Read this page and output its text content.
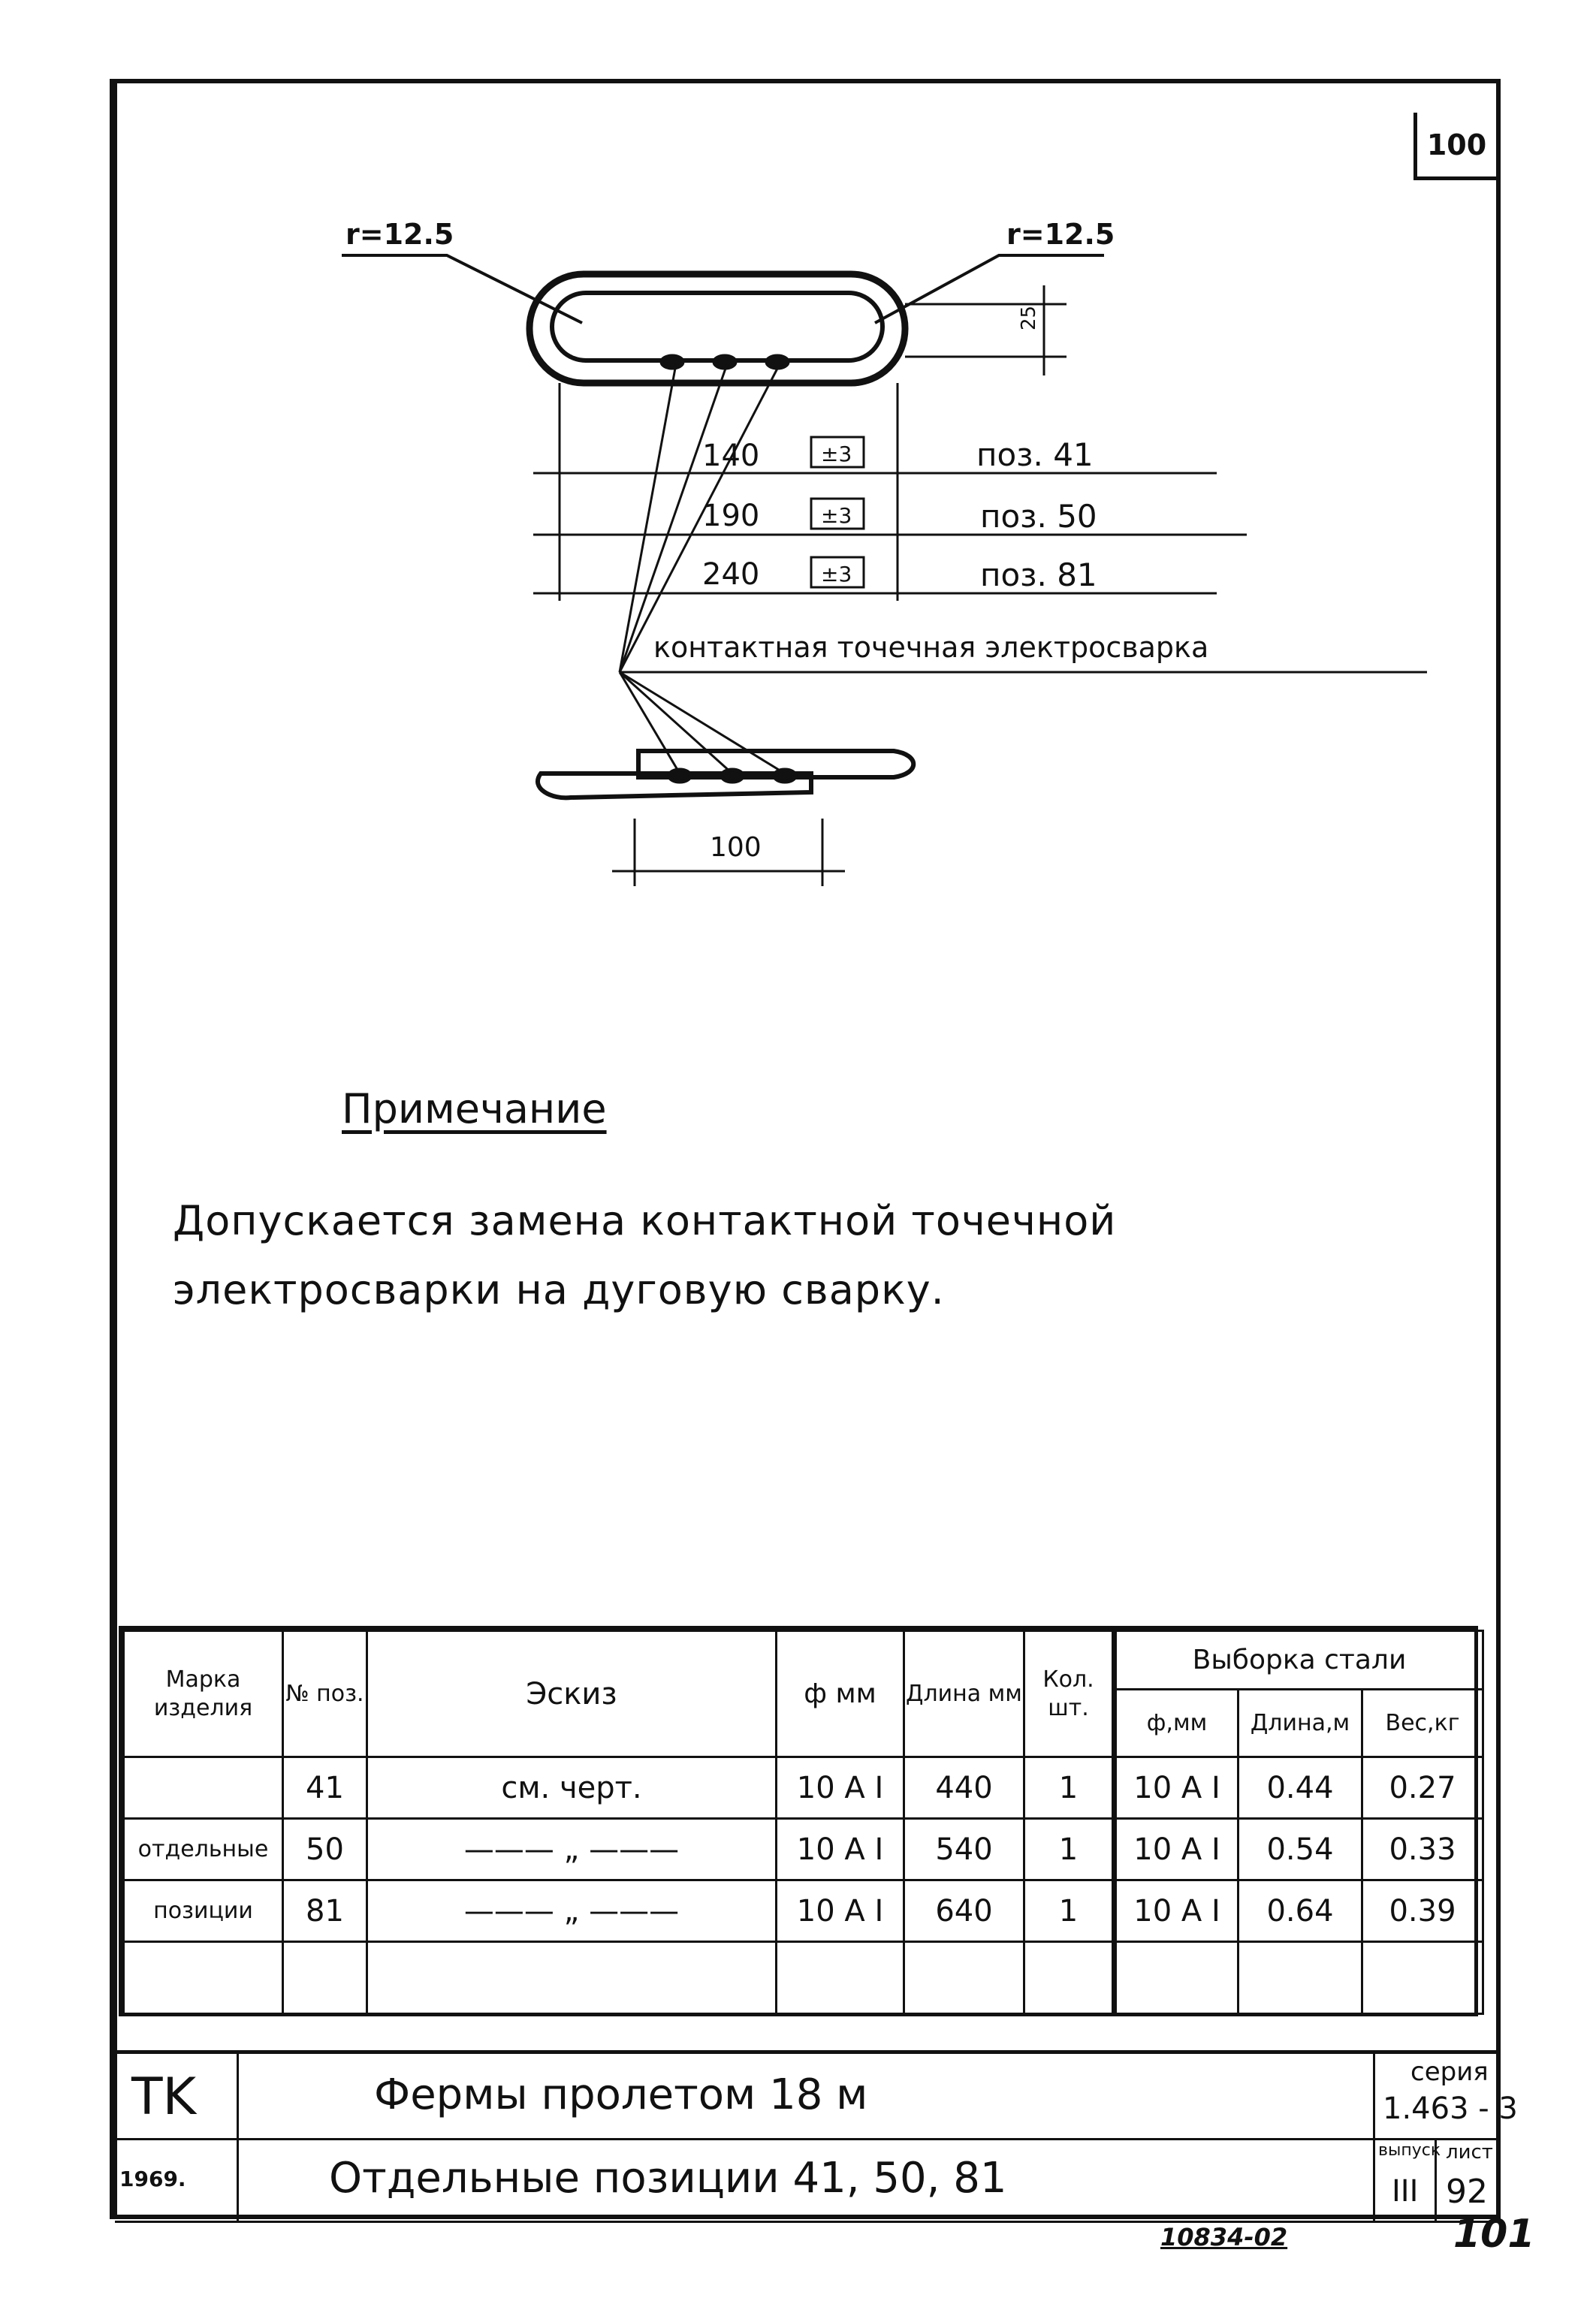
100
r=12.5	r=12.5
25
140	±3	поз. 41
190	±3	поз. 50
240	±3	поз. 81
контактная точечная электросварка
100
Примечание
Допускается замена контактной точечной
электросварки на дуговую сварку.
Марка изделия	№ поз.	Эскиз	ф мм	Длина мм	Кол. шт.	Выборка стали		
						ф,мм	Длина,м	Вес,кг
	41	см. черт.	10 A I	440	1	10 A I	0.44	0.27
отдельные	50	——— „ ———	10 A I	540	1	10 A I	0.54	0.33
позиции	81	——— „ ———	10 A I	640	1	10 A I	0.64	0.39

TK
1969.
Фермы пролетом 18 м
Отдельные позиции 41, 50, 81
серия
1.463 - 3
выпуск
III
лист
92
10834-02	101
